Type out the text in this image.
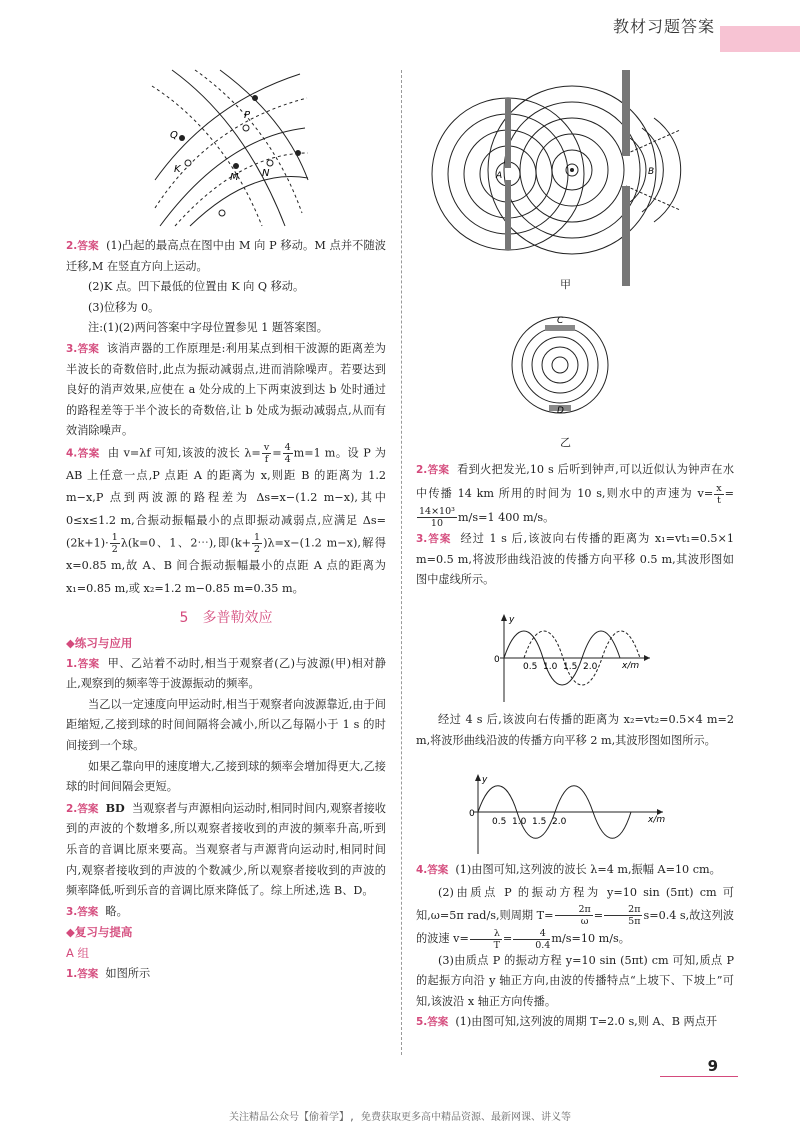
教材习题答案
P
Q
K
M N

2.答案 (1)凸起的最高点在图中由 M 向 P 移动。M 点并不随波迁移,M 在竖直方向上运动。

(2)K 点。凹下最低的位置由 K 向 Q 移动。

(3)位移为 0。

注:(1)(2)两问答案中字母位置参见 1 题答案图。

3.答案 该消声器的工作原理是:利用某点到相干波源的距离差为半波长的奇数倍时,此点为振动减弱点,进而消除噪声。若要达到良好的消声效果,应使在 a 处分成的上下两束波到达 b 处时通过的路程差等于半个波长的奇数倍,让 b 处成为振动减弱点,从而有效消除噪声。

4.答案 由 v=λf 可知,该波的波长 $\lambda= \frac{v}{f} = \frac{4}{4} m=1$ m。设 P 为 AB 上任意一点,P 点距 A 的距离为 x,则距 B 的距离为 1.2 m−x,P 点到两波源的路程差为 Δs=x−(1.2 m−x),其中 0≤x≤1.2 m,合振动振幅最小的点即振动减弱点,应满足 $\Delta s=(2k+1)\cdot \frac{1}{2} \lambda(k=0$、1、2⋯),即$(k+ \frac{1}{2} )\lambda=x-(1.2$ m−x),解得 x=0.85 m,故 A、B 间合振动振幅最小的点距 A 点的距离为 x₁=0.85 m,或 x₂=1.2 m−0.85 m=0.35 m。

5　多普勒效应
◆练习与应用

1.答案 甲、乙站着不动时,相当于观察者(乙)与波源(甲)相对静止,观察到的频率等于波源振动的频率。

当乙以一定速度向甲运动时,相当于观察者向波源靠近,由于间距缩短,乙接到球的时间间隔将会减小,所以乙每隔小于 1 s 的时间接到一个球。

如果乙靠向甲的速度增大,乙接到球的频率会增加得更大,乙接球的时间间隔会更短。

2.答案 BD 当观察者与声源相向运动时,相同时间内,观察者接收到的声波的个数增多,所以观察者接收到的声波的频率升高,听到乐音的音调比原来要高。当观察者与声源背向运动时,相同时间内,观察者接收到的声波的个数减少,所以观察者接收到的声波的频率降低,听到乐音的音调比原来降低了。综上所述,选 B、D。

3.答案 略。

◆复习与提高
A 组

1.答案 如图所示

A	B
甲
C
D
乙

2.答案 看到火把发光,10 s 后听到钟声,可以近似认为钟声在水中传播 14 km 所用的时间为 10 s,则水中的声速为 $v= \frac{x}{t}$ =
$\frac{\text{14×10³}}{10} m/s=1$ 400 m/s。

3.答案 经过 1 s 后,该波向右传播的距离为 x₁=vt₁=0.5×1 m=0.5 m,将波形曲线沿波的传播方向平移 0.5 m,其波形图如图中虚线所示。

y
0
0.5 1.0 1.5 2.0	x/m

经过 4 s 后,该波向右传播的距离为 x₂=vt₂=0.5×4 m=2 m,将波形曲线沿波的传播方向平移 2 m,其波形图如图所示。

y
0
0.5 1.0 1.5 2.0	x/m

4.答案 (1)由图可知,这列波的波长 λ=4 m,振幅 A=10 cm。

(2)由质点 P 的振动方程为 y=10 sin (5πt) cm 可知,ω=5π rad/s,则周期 $T= \frac{2\pi}{\omega} = \frac{2\pi}{5\pi} s=0.4$ s,故这列波的波速 $v= \frac{\lambda}{T} = \frac{4}{0.4} m/s=10$ m/s。

(3)由质点 P 的振动方程 y=10 sin (5πt) cm 可知,质点 P 的起振方向沿 y 轴正方向,由波的传播特点“上坡下、下坡上”可知,该波沿 x 轴正方向传播。

5.答案 (1)由图可知,这列波的周期 T=2.0 s,则 A、B 两点开

9
关注精品公众号【偷着学】, 免费获取更多高中精品资源、最新网课、讲义等
